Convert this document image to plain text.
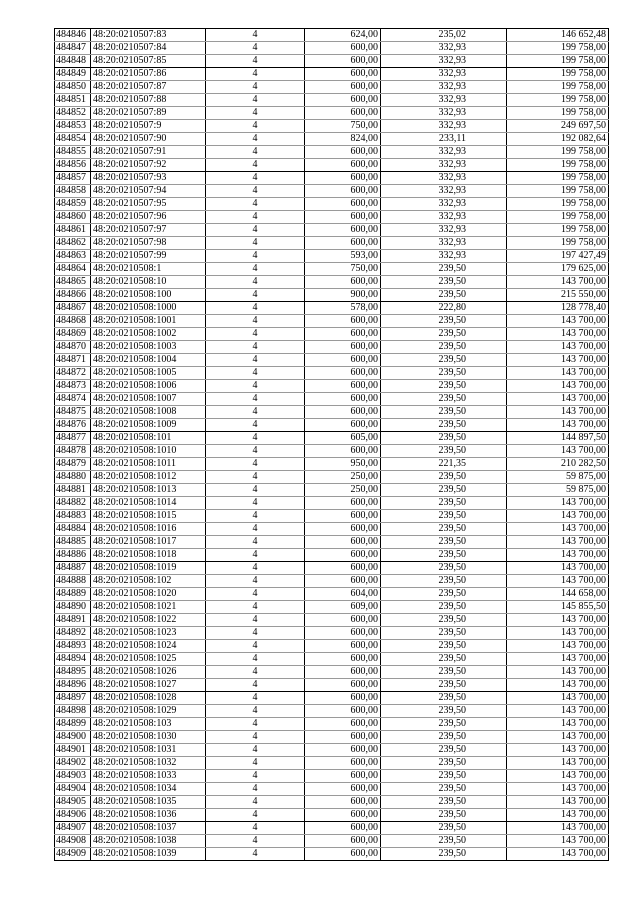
484846	48:20:0210507:83	4	624,00	235,02	146 652,48
484847	48:20:0210507:84	4	600,00	332,93	199 758,00
484848	48:20:0210507:85	4	600,00	332,93	199 758,00
484849	48:20:0210507:86	4	600,00	332,93	199 758,00
484850	48:20:0210507:87	4	600,00	332,93	199 758,00
484851	48:20:0210507:88	4	600,00	332,93	199 758,00
484852	48:20:0210507:89	4	600,00	332,93	199 758,00
484853	48:20:0210507:9	4	750,00	332,93	249 697,50
484854	48:20:0210507:90	4	824,00	233,11	192 082,64
484855	48:20:0210507:91	4	600,00	332,93	199 758,00
484856	48:20:0210507:92	4	600,00	332,93	199 758,00
484857	48:20:0210507:93	4	600,00	332,93	199 758,00
484858	48:20:0210507:94	4	600,00	332,93	199 758,00
484859	48:20:0210507:95	4	600,00	332,93	199 758,00
484860	48:20:0210507:96	4	600,00	332,93	199 758,00
484861	48:20:0210507:97	4	600,00	332,93	199 758,00
484862	48:20:0210507:98	4	600,00	332,93	199 758,00
484863	48:20:0210507:99	4	593,00	332,93	197 427,49
484864	48:20:0210508:1	4	750,00	239,50	179 625,00
484865	48:20:0210508:10	4	600,00	239,50	143 700,00
484866	48:20:0210508:100	4	900,00	239,50	215 550,00
484867	48:20:0210508:1000	4	578,00	222,80	128 778,40
484868	48:20:0210508:1001	4	600,00	239,50	143 700,00
484869	48:20:0210508:1002	4	600,00	239,50	143 700,00
484870	48:20:0210508:1003	4	600,00	239,50	143 700,00
484871	48:20:0210508:1004	4	600,00	239,50	143 700,00
484872	48:20:0210508:1005	4	600,00	239,50	143 700,00
484873	48:20:0210508:1006	4	600,00	239,50	143 700,00
484874	48:20:0210508:1007	4	600,00	239,50	143 700,00
484875	48:20:0210508:1008	4	600,00	239,50	143 700,00
484876	48:20:0210508:1009	4	600,00	239,50	143 700,00
484877	48:20:0210508:101	4	605,00	239,50	144 897,50
484878	48:20:0210508:1010	4	600,00	239,50	143 700,00
484879	48:20:0210508:1011	4	950,00	221,35	210 282,50
484880	48:20:0210508:1012	4	250,00	239,50	59 875,00
484881	48:20:0210508:1013	4	250,00	239,50	59 875,00
484882	48:20:0210508:1014	4	600,00	239,50	143 700,00
484883	48:20:0210508:1015	4	600,00	239,50	143 700,00
484884	48:20:0210508:1016	4	600,00	239,50	143 700,00
484885	48:20:0210508:1017	4	600,00	239,50	143 700,00
484886	48:20:0210508:1018	4	600,00	239,50	143 700,00
484887	48:20:0210508:1019	4	600,00	239,50	143 700,00
484888	48:20:0210508:102	4	600,00	239,50	143 700,00
484889	48:20:0210508:1020	4	604,00	239,50	144 658,00
484890	48:20:0210508:1021	4	609,00	239,50	145 855,50
484891	48:20:0210508:1022	4	600,00	239,50	143 700,00
484892	48:20:0210508:1023	4	600,00	239,50	143 700,00
484893	48:20:0210508:1024	4	600,00	239,50	143 700,00
484894	48:20:0210508:1025	4	600,00	239,50	143 700,00
484895	48:20:0210508:1026	4	600,00	239,50	143 700,00
484896	48:20:0210508:1027	4	600,00	239,50	143 700,00
484897	48:20:0210508:1028	4	600,00	239,50	143 700,00
484898	48:20:0210508:1029	4	600,00	239,50	143 700,00
484899	48:20:0210508:103	4	600,00	239,50	143 700,00
484900	48:20:0210508:1030	4	600,00	239,50	143 700,00
484901	48:20:0210508:1031	4	600,00	239,50	143 700,00
484902	48:20:0210508:1032	4	600,00	239,50	143 700,00
484903	48:20:0210508:1033	4	600,00	239,50	143 700,00
484904	48:20:0210508:1034	4	600,00	239,50	143 700,00
484905	48:20:0210508:1035	4	600,00	239,50	143 700,00
484906	48:20:0210508:1036	4	600,00	239,50	143 700,00
484907	48:20:0210508:1037	4	600,00	239,50	143 700,00
484908	48:20:0210508:1038	4	600,00	239,50	143 700,00
484909	48:20:0210508:1039	4	600,00	239,50	143 700,00
